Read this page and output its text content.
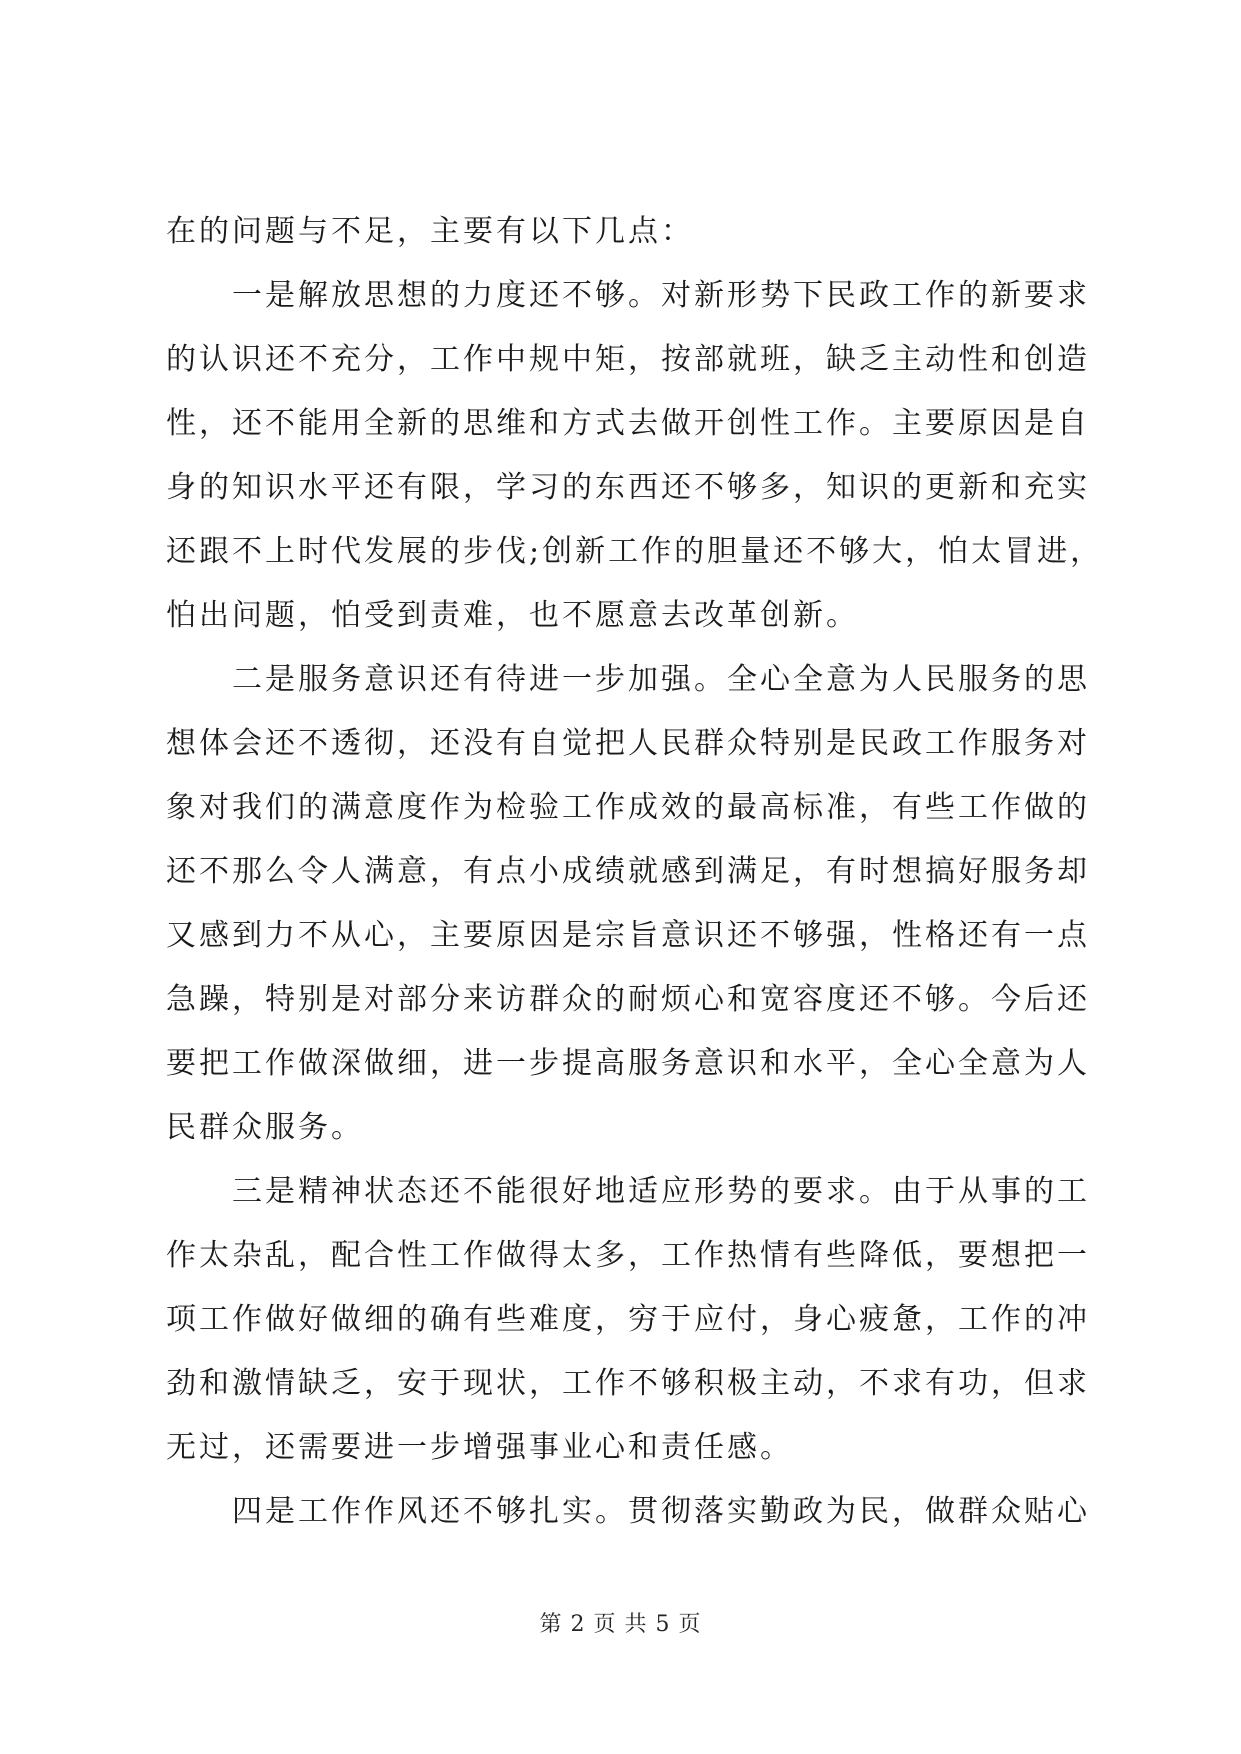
在的问题与不足，主要有以下几点：
一是解放思想的力度还不够。对新形势下民政工作的新要求
的认识还不充分，工作中规中矩，按部就班，缺乏主动性和创造
性，还不能用全新的思维和方式去做开创性工作。主要原因是自
身的知识水平还有限，学习的东西还不够多，知识的更新和充实
还跟不上时代发展的步伐;创新工作的胆量还不够大，怕太冒进，
怕出问题，怕受到责难，也不愿意去改革创新。
二是服务意识还有待进一步加强。全心全意为人民服务的思
想体会还不透彻，还没有自觉把人民群众特别是民政工作服务对
象对我们的满意度作为检验工作成效的最高标准，有些工作做的
还不那么令人满意，有点小成绩就感到满足，有时想搞好服务却
又感到力不从心，主要原因是宗旨意识还不够强，性格还有一点
急躁，特别是对部分来访群众的耐烦心和宽容度还不够。今后还
要把工作做深做细，进一步提高服务意识和水平，全心全意为人
民群众服务。
三是精神状态还不能很好地适应形势的要求。由于从事的工
作太杂乱，配合性工作做得太多，工作热情有些降低，要想把一
项工作做好做细的确有些难度，穷于应付，身心疲惫，工作的冲
劲和激情缺乏，安于现状，工作不够积极主动，不求有功，但求
无过，还需要进一步增强事业心和责任感。
四是工作作风还不够扎实。贯彻落实勤政为民，做群众贴心
第 2 页 共 5 页
